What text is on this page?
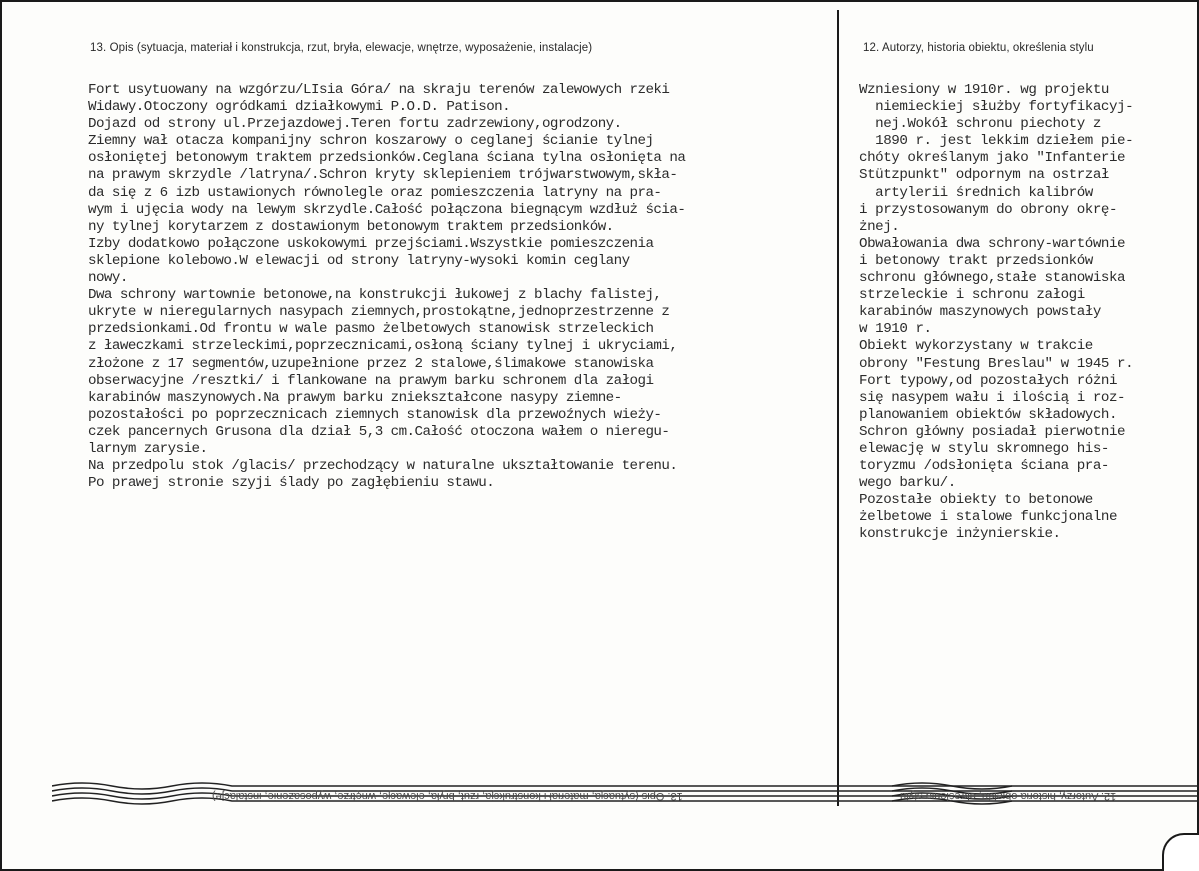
13. Opis (sytuacja, materiał i konstrukcja, rzut, bryła, elewacje, wnętrze, wyposażenie, instalacje)	12. Autorzy, historia obiektu, określenia stylu
Fort usytuowany na wzgórzu/LIsia Góra/ na skraju terenów zalewowych rzeki
Widawy.Otoczony ogródkami działkowymi P.O.D. Patison.
Dojazd od strony ul.Przejazdowej.Teren fortu zadrzewiony,ogrodzony.
Ziemny wał otacza kompanijny schron koszarowy o ceglanej ścianie tylnej
osłoniętej betonowym traktem przedsionków.Ceglana ściana tylna osłonięta na
na prawym skrzydle /latryna/.Schron kryty sklepieniem trójwarstwowym,skła-
da się z 6 izb ustawionych równolegle oraz pomieszczenia latryny na pra-
wym i ujęcia wody na lewym skrzydle.Całość połączona biegnącym wzdłuż ścia-
ny tylnej korytarzem z dostawionym betonowym traktem przedsionków.
Izby dodatkowo połączone uskokowymi przejściami.Wszystkie pomieszczenia
sklepione kolebowo.W elewacji od strony latryny-wysoki komin ceglany
nowy.
Dwa schrony wartownie betonowe,na konstrukcji łukowej z blachy falistej,
ukryte w nieregularnych nasypach ziemnych,prostokątne,jednoprzestrzenne z
przedsionkami.Od frontu w wale pasmo żelbetowych stanowisk strzeleckich
z ławeczkami strzeleckimi,poprzecznicami,osłoną ściany tylnej i ukryciami,
złożone z 17 segmentów,uzupełnione przez 2 stalowe,ślimakowe stanowiska
obserwacyjne /resztki/ i flankowane na prawym barku schronem dla załogi
karabinów maszynowych.Na prawym barku zniekształcone nasypy ziemne-
pozostałości po poprzecznicach ziemnych stanowisk dla przewoźnych wieży-
czek pancernych Grusona dla dział 5,3 cm.Całość otoczona wałem o nieregu-
larnym zarysie.
Na przedpolu stok /glacis/ przechodzący w naturalne ukształtowanie terenu.
Po prawej stronie szyji ślady po zagłębieniu stawu.
Wzniesiony w 1910r. wg projektu
niemieckiej służby fortyfikacyj-
nej.Wokół schronu piechoty z
1890 r. jest lekkim dziełem pie-
chóty określanym jako "Infanterie
Stützpunkt" odpornym na ostrzał
artylerii średnich kalibrów
i przystosowanym do obrony okrę-
żnej.
Obwałowania dwa schrony-wartównie
i betonowy trakt przedsionków
schronu głównego,stałe stanowiska
strzeleckie i schronu załogi
karabinów maszynowych powstały
w 1910 r.
Obiekt wykorzystany w trakcie
obrony "Festung Breslau" w 1945 r.
Fort typowy,od pozostałych różni
się nasypem wału i ilością i roz-
planowaniem obiektów składowych.
Schron główny posiadał pierwotnie
elewację w stylu skromnego his-
toryzmu /odsłonięta ściana pra-
wego barku/.
Pozostałe obiekty to betonowe
żelbetowe i stalowe funkcjonalne
konstrukcje inżynierskie.
13. Opis (sytuacja, materiał i konstrukcja, rzut, bryła, elewacje, wnętrze, wyposażenie, instalacje)	12. Autorzy, historia obiektu, określenia stylu
